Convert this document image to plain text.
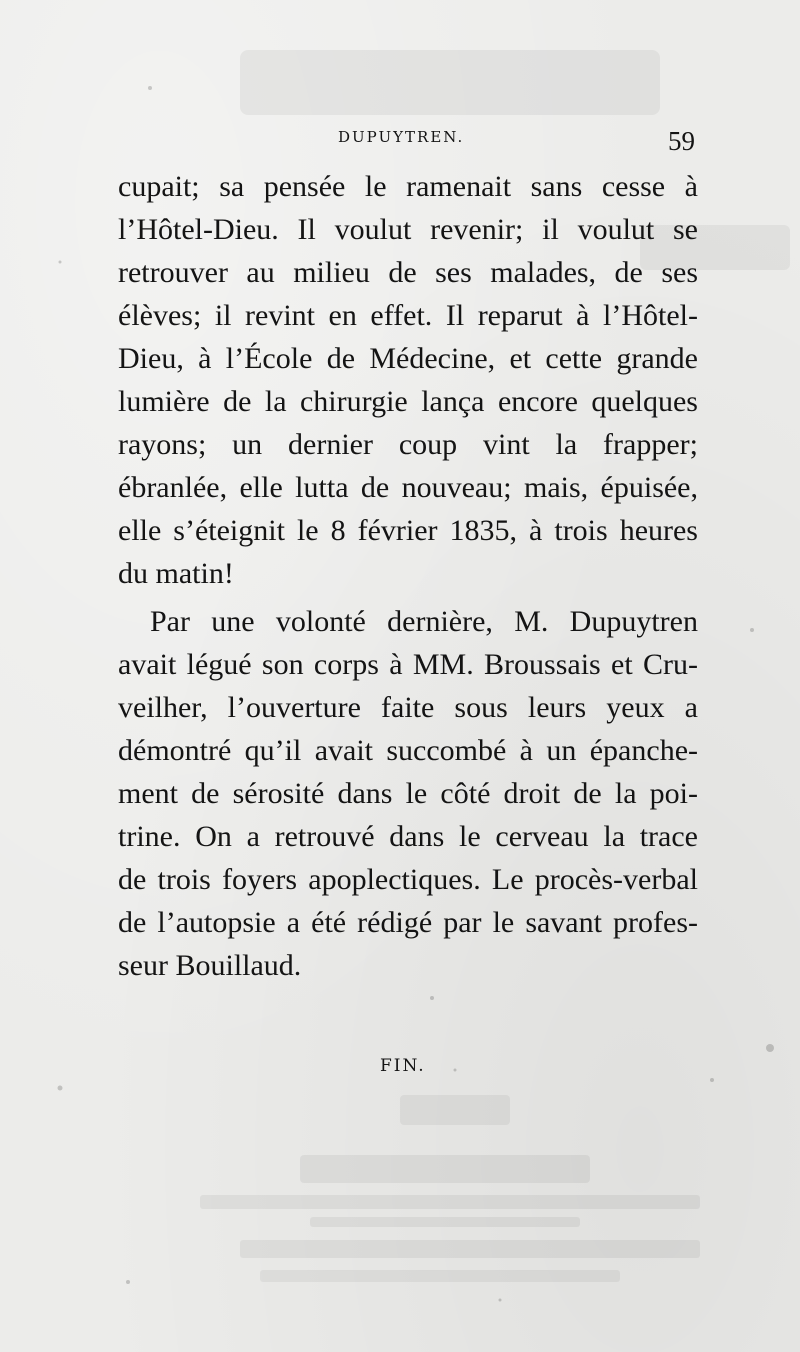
DUPUYTREN.	59
cupait; sa pensée le ramenait sans cesse à
l’Hôtel-Dieu. Il voulut revenir; il voulut se
retrouver au milieu de ses malades, de ses
élèves; il revint en effet. Il reparut à l’Hôtel-
Dieu, à l’École de Médecine, et cette grande
lumière de la chirurgie lança encore quelques
rayons; un dernier coup vint la frapper;
ébranlée, elle lutta de nouveau; mais, épuisée,
elle s’éteignit le 8 février 1835, à trois heures
du matin!
Par une volonté dernière, M. Dupuytren
avait légué son corps à MM. Broussais et Cru-
veilher, l’ouverture faite sous leurs yeux a
démontré qu’il avait succombé à un épanche-
ment de sérosité dans le côté droit de la poi-
trine. On a retrouvé dans le cerveau la trace
de trois foyers apoplectiques. Le procès-verbal
de l’autopsie a été rédigé par le savant profes-
seur Bouillaud.
FIN.
